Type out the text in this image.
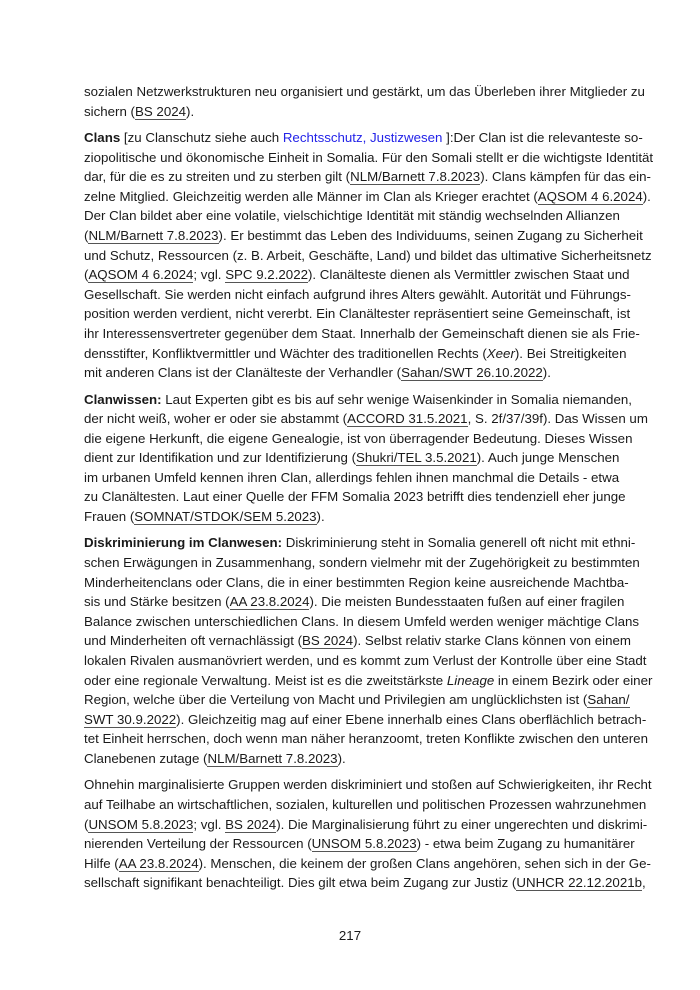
sozialen Netzwerkstrukturen neu organisiert und gestärkt, um das Überleben ihrer Mitglieder zu
sichern (BS 2024).
Clans [zu Clanschutz siehe auch Rechtsschutz, Justizwesen ]:Der Clan ist die relevanteste so-
ziopolitische und ökonomische Einheit in Somalia. Für den Somali stellt er die wichtigste Identität
dar, für die es zu streiten und zu sterben gilt (NLM/Barnett 7.8.2023). Clans kämpfen für das ein-
zelne Mitglied. Gleichzeitig werden alle Männer im Clan als Krieger erachtet (AQSOM 4 6.2024).
Der Clan bildet aber eine volatile, vielschichtige Identität mit ständig wechselnden Allianzen
(NLM/Barnett 7.8.2023). Er bestimmt das Leben des Individuums, seinen Zugang zu Sicherheit
und Schutz, Ressourcen (z. B. Arbeit, Geschäfte, Land) und bildet das ultimative Sicherheitsnetz
(AQSOM 4 6.2024; vgl. SPC 9.2.2022). Clanälteste dienen als Vermittler zwischen Staat und
Gesellschaft. Sie werden nicht einfach aufgrund ihres Alters gewählt. Autorität und Führungs-
position werden verdient, nicht vererbt. Ein Clanältester repräsentiert seine Gemeinschaft, ist
ihr Interessensvertreter gegenüber dem Staat. Innerhalb der Gemeinschaft dienen sie als Frie-
densstifter, Konfliktvermittler und Wächter des traditionellen Rechts (Xeer). Bei Streitigkeiten
mit anderen Clans ist der Clanälteste der Verhandler (Sahan/SWT 26.10.2022).
Clanwissen: Laut Experten gibt es bis auf sehr wenige Waisenkinder in Somalia niemanden,
der nicht weiß, woher er oder sie abstammt (ACCORD 31.5.2021, S. 2f/37/39f). Das Wissen um
die eigene Herkunft, die eigene Genealogie, ist von überragender Bedeutung. Dieses Wissen
dient zur Identifikation und zur Identifizierung (Shukri/TEL 3.5.2021). Auch junge Menschen
im urbanen Umfeld kennen ihren Clan, allerdings fehlen ihnen manchmal die Details - etwa
zu Clanältesten. Laut einer Quelle der FFM Somalia 2023 betrifft dies tendenziell eher junge
Frauen (SOMNAT/STDOK/SEM 5.2023).
Diskriminierung im Clanwesen: Diskriminierung steht in Somalia generell oft nicht mit ethni-
schen Erwägungen in Zusammenhang, sondern vielmehr mit der Zugehörigkeit zu bestimmten
Minderheitenclans oder Clans, die in einer bestimmten Region keine ausreichende Machtba-
sis und Stärke besitzen (AA 23.8.2024). Die meisten Bundesstaaten fußen auf einer fragilen
Balance zwischen unterschiedlichen Clans. In diesem Umfeld werden weniger mächtige Clans
und Minderheiten oft vernachlässigt (BS 2024). Selbst relativ starke Clans können von einem
lokalen Rivalen ausmanövriert werden, und es kommt zum Verlust der Kontrolle über eine Stadt
oder eine regionale Verwaltung. Meist ist es die zweitstärkste Lineage in einem Bezirk oder einer
Region, welche über die Verteilung von Macht und Privilegien am unglücklichsten ist (Sahan/
SWT 30.9.2022). Gleichzeitig mag auf einer Ebene innerhalb eines Clans oberflächlich betrach-
tet Einheit herrschen, doch wenn man näher heranzoomt, treten Konflikte zwischen den unteren
Clanebenen zutage (NLM/Barnett 7.8.2023).
Ohnehin marginalisierte Gruppen werden diskriminiert und stoßen auf Schwierigkeiten, ihr Recht
auf Teilhabe an wirtschaftlichen, sozialen, kulturellen und politischen Prozessen wahrzunehmen
(UNSOM 5.8.2023; vgl. BS 2024). Die Marginalisierung führt zu einer ungerechten und diskrimi-
nierenden Verteilung der Ressourcen (UNSOM 5.8.2023) - etwa beim Zugang zu humanitärer
Hilfe (AA 23.8.2024). Menschen, die keinem der großen Clans angehören, sehen sich in der Ge-
sellschaft signifikant benachteiligt. Dies gilt etwa beim Zugang zur Justiz (UNHCR 22.12.2021b,
217
